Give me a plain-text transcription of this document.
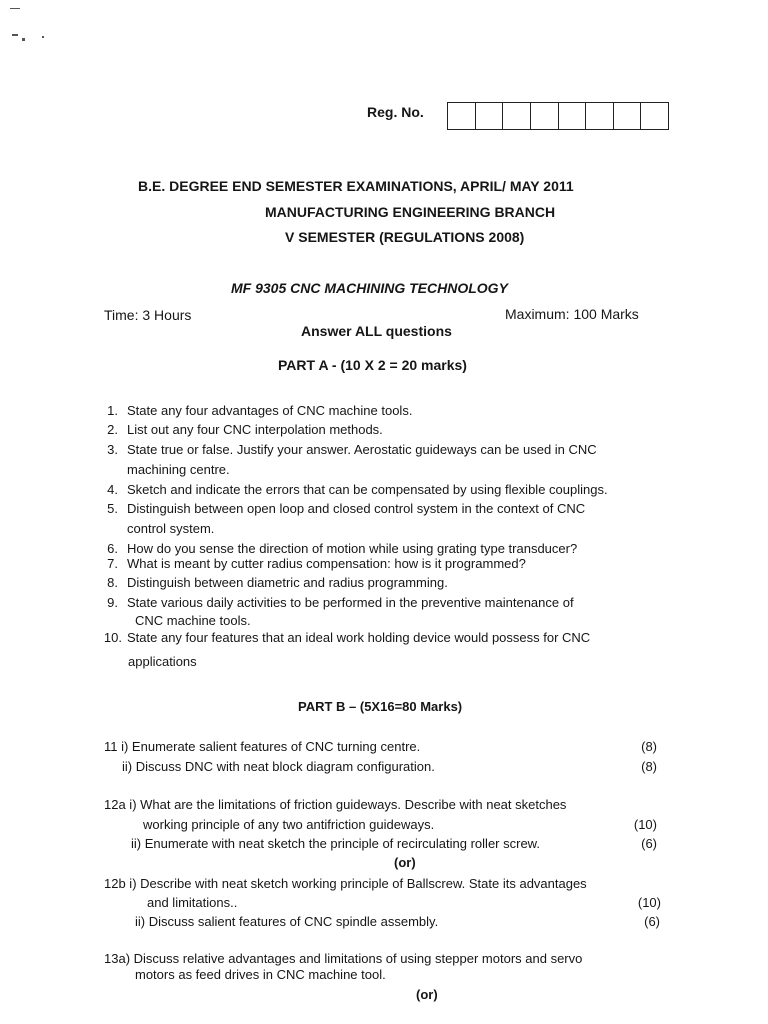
Reg. No.
B.E. DEGREE END SEMESTER EXAMINATIONS, APRIL/ MAY 2011
MANUFACTURING ENGINEERING BRANCH
V SEMESTER (REGULATIONS 2008)
MF 9305 CNC MACHINING TECHNOLOGY
Time: 3 Hours	Maximum: 100 Marks
Answer ALL questions
PART A - (10 X 2 = 20 marks)
1. State any four advantages of CNC machine tools.
2. List out any four CNC interpolation methods.
3. State true or false. Justify your answer. Aerostatic guideways can be used in CNC
machining centre.
4. Sketch and indicate the errors that can be compensated by using flexible couplings.
5. Distinguish between open loop and closed control system in the context of CNC
control system.
6. How do you sense the direction of motion while using grating type transducer?
7. What is meant by cutter radius compensation: how is it programmed?
8. Distinguish between diametric and radius programming.
9. State various daily activities to be performed in the preventive maintenance of
CNC machine tools.
10. State any four features that an ideal work holding device would possess for CNC
applications
PART B – (5X16=80 Marks)
11 i) Enumerate salient features of CNC turning centre.	(8)
ii) Discuss DNC with neat block diagram configuration.	(8)
12a i) What are the limitations of friction guideways. Describe with neat sketches
working principle of any two antifriction guideways.	(10)
ii) Enumerate with neat sketch the principle of recirculating roller screw.	(6)
(or)
12b i) Describe with neat sketch working principle of Ballscrew. State its advantages
and limitations..	(10)
ii) Discuss salient features of CNC spindle assembly.	(6)
13a) Discuss relative advantages and limitations of using stepper motors and servo
motors as feed drives in CNC machine tool.
(or)
